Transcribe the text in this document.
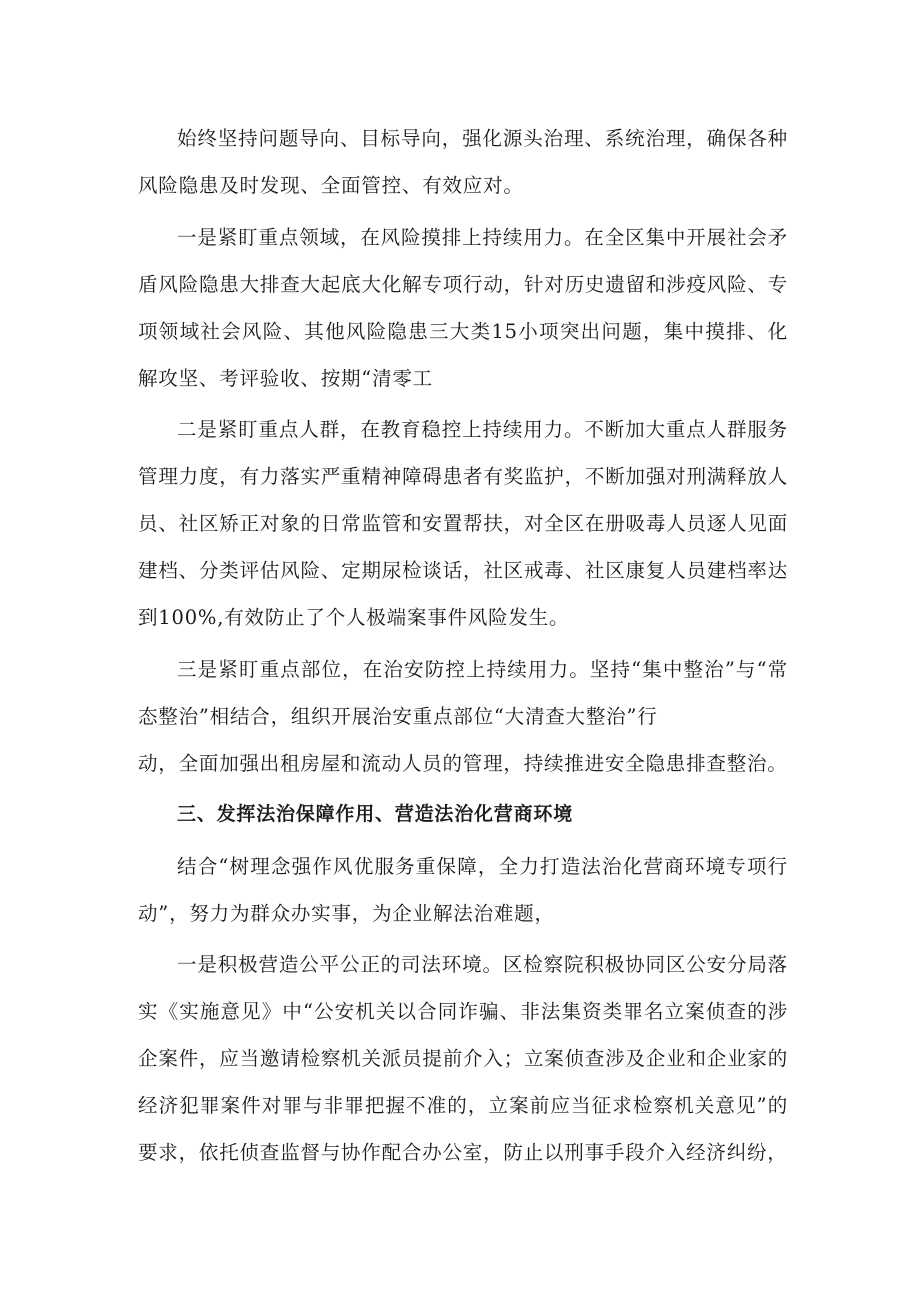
始终坚持问题导向、目标导向，强化源头治理、系统治理，确保各种风险隐患及时发现、全面管控、有效应对。

一是紧盯重点领域，在风险摸排上持续用力。在全区集中开展社会矛盾风险隐患大排查大起底大化解专项行动，针对历史遗留和涉疫风险、专项领域社会风险、其他风险隐患三大类15小项突出问题，集中摸排、化解攻坚、考评验收、按期“清零工

二是紧盯重点人群，在教育稳控上持续用力。不断加大重点人群服务管理力度，有力落实严重精神障碍患者有奖监护，不断加强对刑满释放人员、社区矫正对象的日常监管和安置帮扶，对全区在册吸毒人员逐人见面建档、分类评估风险、定期尿检谈话，社区戒毒、社区康复人员建档率达到100%,有效防止了个人极端案事件风险发生。

三是紧盯重点部位，在治安防控上持续用力。坚持“集中整治”与“常态整治”相结合，组织开展治安重点部位“大清查大整治”行

动，全面加强出租房屋和流动人员的管理，持续推进安全隐患排查整治。

三、发挥法治保障作用、营造法治化营商环境

结合“树理念强作风优服务重保障，全力打造法治化营商环境专项行动”，努力为群众办实事，为企业解法治难题，

一是积极营造公平公正的司法环境。区检察院积极协同区公安分局落实《实施意见》中“公安机关以合同诈骗、非法集资类罪名立案侦查的涉企案件，应当邀请检察机关派员提前介入；立案侦查涉及企业和企业家的经济犯罪案件对罪与非罪把握不准的，立案前应当征求检察机关意见”的要求，依托侦查监督与协作配合办公室，防止以刑事手段介入经济纠纷，
